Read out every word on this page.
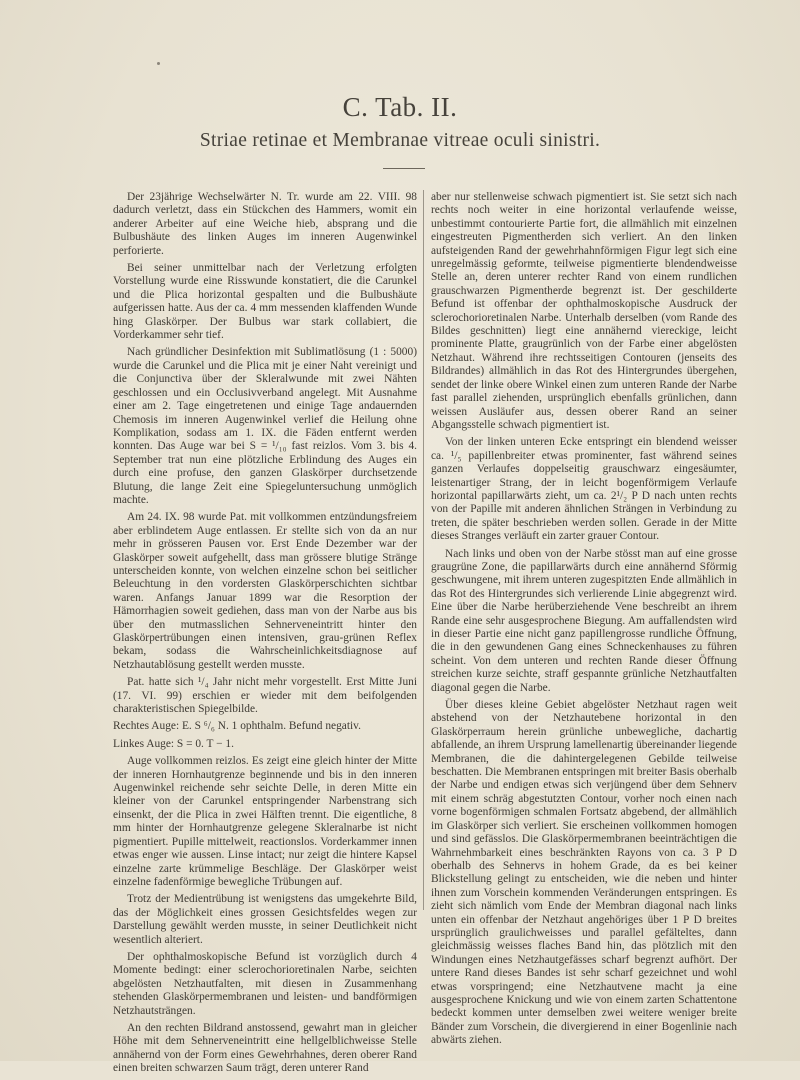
C. Tab. II.
Striae retinae et Membranae vitreae oculi sinistri.

Der 23jährige Wechselwärter N. Tr. wurde am 22. VIII. 98 dadurch verletzt, dass ein Stückchen des Hammers, womit ein anderer Arbeiter auf eine Weiche hieb, absprang und die Bulbushäute des linken Auges im inneren Augenwinkel perforierte.

Bei seiner unmittelbar nach der Verletzung erfolgten Vorstellung wurde eine Risswunde konstatiert, die die Carunkel und die Plica horizontal gespalten und die Bulbushäute aufgerissen hatte. Aus der ca. 4 mm messenden klaffenden Wunde hing Glaskörper. Der Bulbus war stark collabiert, die Vorderkammer sehr tief.

Nach gründlicher Desinfektion mit Sublimatlösung (1 : 5000) wurde die Carunkel und die Plica mit je einer Naht vereinigt und die Conjunctiva über der Skleralwunde mit zwei Nähten geschlossen und ein Occlusivverband angelegt. Mit Ausnahme einer am 2. Tage eingetretenen und einige Tage andauernden Chemosis im inneren Augenwinkel verlief die Heilung ohne Komplikation, sodass am 1. IX. die Fäden entfernt werden konnten. Das Auge war bei S = ¹/₁₀ fast reizlos. Vom 3. bis 4. September trat nun eine plötzliche Erblindung des Auges ein durch eine profuse, den ganzen Glaskörper durchsetzende Blutung, die lange Zeit eine Spiegeluntersuchung unmöglich machte.

Am 24. IX. 98 wurde Pat. mit vollkommen entzündungsfreiem aber erblindetem Auge entlassen. Er stellte sich von da an nur mehr in grösseren Pausen vor. Erst Ende Dezember war der Glaskörper soweit aufgehellt, dass man grössere blutige Stränge unterscheiden konnte, von welchen einzelne schon bei seitlicher Beleuchtung in den vordersten Glaskörperschichten sichtbar waren. Anfangs Januar 1899 war die Resorption der Hämorrhagien soweit gediehen, dass man von der Narbe aus bis über den mutmasslichen Sehnerveneintritt hinter den Glaskörpertrübungen einen intensiven, grau-grünen Reflex bekam, sodass die Wahrscheinlichkeitsdiagnose auf Netzhautablösung gestellt werden musste.

Pat. hatte sich ¹/₄ Jahr nicht mehr vorgestellt. Erst Mitte Juni (17. VI. 99) erschien er wieder mit dem beifolgenden charakteristischen Spiegelbilde.

Rechtes Auge: E. S ⁶/₆ N. 1 ophthalm. Befund negativ.

Linkes Auge: S = 0. T − 1.

Auge vollkommen reizlos. Es zeigt eine gleich hinter der Mitte der inneren Hornhautgrenze beginnende und bis in den inneren Augenwinkel reichende sehr seichte Delle, in deren Mitte ein kleiner von der Carunkel entspringender Narbenstrang sich einsenkt, der die Plica in zwei Hälften trennt. Die eigentliche, 8 mm hinter der Hornhautgrenze gelegene Skleralnarbe ist nicht pigmentiert. Pupille mittelweit, reactionslos. Vorderkammer innen etwas enger wie aussen. Linse intact; nur zeigt die hintere Kapsel einzelne zarte krümmelige Beschläge. Der Glaskörper weist einzelne fadenförmige bewegliche Trübungen auf.

Trotz der Medientrübung ist wenigstens das umgekehrte Bild, das der Möglichkeit eines grossen Gesichtsfeldes wegen zur Darstellung gewählt werden musste, in seiner Deutlichkeit nicht wesentlich alteriert.

Der ophthalmoskopische Befund ist vorzüglich durch 4 Momente bedingt: einer sclerochorioretinalen Narbe, seichten abgelösten Netzhautfalten, mit diesen in Zusammenhang stehenden Glaskörpermembranen und leisten- und bandförmigen Netzhautsträngen.

An den rechten Bildrand anstossend, gewahrt man in gleicher Höhe mit dem Sehnerveneintritt eine hellgelblichweisse Stelle annähernd von der Form eines Gewehrhahnes, deren oberer Rand einen breiten schwarzen Saum trägt, deren unterer Rand

aber nur stellenweise schwach pigmentiert ist. Sie setzt sich nach rechts noch weiter in eine horizontal verlaufende weisse, unbestimmt contourierte Partie fort, die allmählich mit einzelnen eingestreuten Pigmentherden sich verliert. An den linken aufsteigenden Rand der gewehrhahnförmigen Figur legt sich eine unregelmässig geformte, teilweise pigmentierte blendendweisse Stelle an, deren unterer rechter Rand von einem rundlichen grauschwarzen Pigmentherde begrenzt ist. Der geschilderte Befund ist offenbar der ophthalmoskopische Ausdruck der sclerochorioretinalen Narbe. Unterhalb derselben (vom Rande des Bildes geschnitten) liegt eine annähernd viereckige, leicht prominente Platte, graugrünlich von der Farbe einer abgelösten Netzhaut. Während ihre rechtsseitigen Contouren (jenseits des Bildrandes) allmählich in das Rot des Hintergrundes übergehen, sendet der linke obere Winkel einen zum unteren Rande der Narbe fast parallel ziehenden, ursprünglich ebenfalls grünlichen, dann weissen Ausläufer aus, dessen oberer Rand an seiner Abgangsstelle schwach pigmentiert ist.

Von der linken unteren Ecke entspringt ein blendend weisser ca. ¹/₅ papillenbreiter etwas prominenter, fast während seines ganzen Verlaufes doppelseitig grauschwarz eingesäumter, leistenartiger Strang, der in leicht bogenförmigem Verlaufe horizontal papillarwärts zieht, um ca. 2¹/₂ P D nach unten rechts von der Papille mit anderen ähnlichen Strängen in Verbindung zu treten, die später beschrieben werden sollen. Gerade in der Mitte dieses Stranges verläuft ein zarter grauer Contour.

Nach links und oben von der Narbe stösst man auf eine grosse graugrüne Zone, die papillarwärts durch eine annähernd Sförmig geschwungene, mit ihrem unteren zugespitzten Ende allmählich in das Rot des Hintergrundes sich verlierende Linie abgegrenzt wird. Eine über die Narbe herüberziehende Vene beschreibt an ihrem Rande eine sehr ausgesprochene Biegung. Am auffallendsten wird in dieser Partie eine nicht ganz papillengrosse rundliche Öffnung, die in den gewundenen Gang eines Schneckenhauses zu führen scheint. Von dem unteren und rechten Rande dieser Öffnung streichen kurze seichte, straff gespannte grünliche Netzhautfalten diagonal gegen die Narbe.

Über dieses kleine Gebiet abgelöster Netzhaut ragen weit abstehend von der Netzhautebene horizontal in den Glaskörperraum herein grünliche unbewegliche, dachartig abfallende, an ihrem Ursprung lamellenartig übereinander liegende Membranen, die die dahintergelegenen Gebilde teilweise beschatten. Die Membranen entspringen mit breiter Basis oberhalb der Narbe und endigen etwas sich verjüngend über dem Sehnerv mit einem schräg abgestutzten Contour, vorher noch einen nach vorne bogenförmigen schmalen Fortsatz abgebend, der allmählich im Glaskörper sich verliert. Sie erscheinen vollkommen homogen und sind gefässlos. Die Glaskörpermembranen beeinträchtigen die Wahrnehmbarkeit eines beschränkten Rayons von ca. 3 P D oberhalb des Sehnervs in hohem Grade, da es bei keiner Blickstellung gelingt zu entscheiden, wie die neben und hinter ihnen zum Vorschein kommenden Veränderungen entspringen. Es zieht sich nämlich vom Ende der Membran diagonal nach links unten ein offenbar der Netzhaut angehöriges über 1 P D breites ursprünglich graulichweisses und parallel gefälteltes, dann gleichmässig weisses flaches Band hin, das plötzlich mit den Windungen eines Netzhautgefässes scharf begrenzt aufhört. Der untere Rand dieses Bandes ist sehr scharf gezeichnet und wohl etwas vorspringend; eine Netzhautvene macht ja eine ausgesprochene Knickung und wie von einem zarten Schattentone bedeckt kommen unter demselben zwei weitere weniger breite Bänder zum Vorschein, die divergierend in einer Bogenlinie nach abwärts ziehen.
